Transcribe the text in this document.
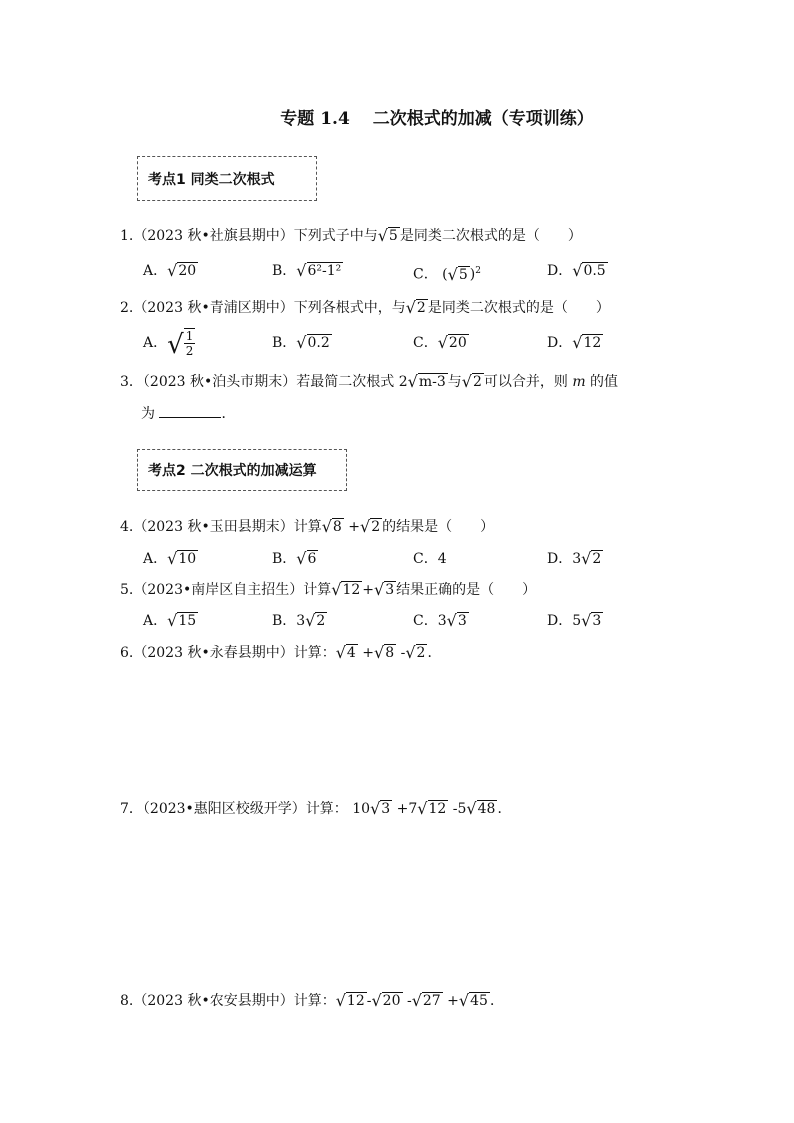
专题 1.4　 二次根式的加减（专项训练）
考点1 同类二次根式
1.（2023 秋•社旗县期中）下列式子中与√5 是同类二次根式的是（　　）
A．√20	B．√6²-1²	C． (√5 )$^2$	D．√0.5
2.（2023 秋•青浦区期中）下列各根式中，与√2 是同类二次根式的是（　　）
A．√ $\frac{1}{2}$	B．√0.2	C．√20	D．√12
3．（2023 秋•泊头市期末）若最简二次根式 2√m-3 与√2 可以合并，则 m 的值
为	．
考点2 二次根式的加减运算
4.（2023 秋•玉田县期末）计算√8 +√2 的结果是（　　）
A．√10	B．√6	C．4	D．3√2
5.（2023•南岸区自主招生）计算√12 +√3 结果正确的是（　　）
A．√15	B．3√2	C．3√3	D．5√3
6.（2023 秋•永春县期中）计算：√4 +√8 -√2 ．
7．（2023•惠阳区校级开学）计算： 10√3 +7√12 -5√48 ．
8.（2023 秋•农安县期中）计算：√12 -√20 -√27 +√45 ．
